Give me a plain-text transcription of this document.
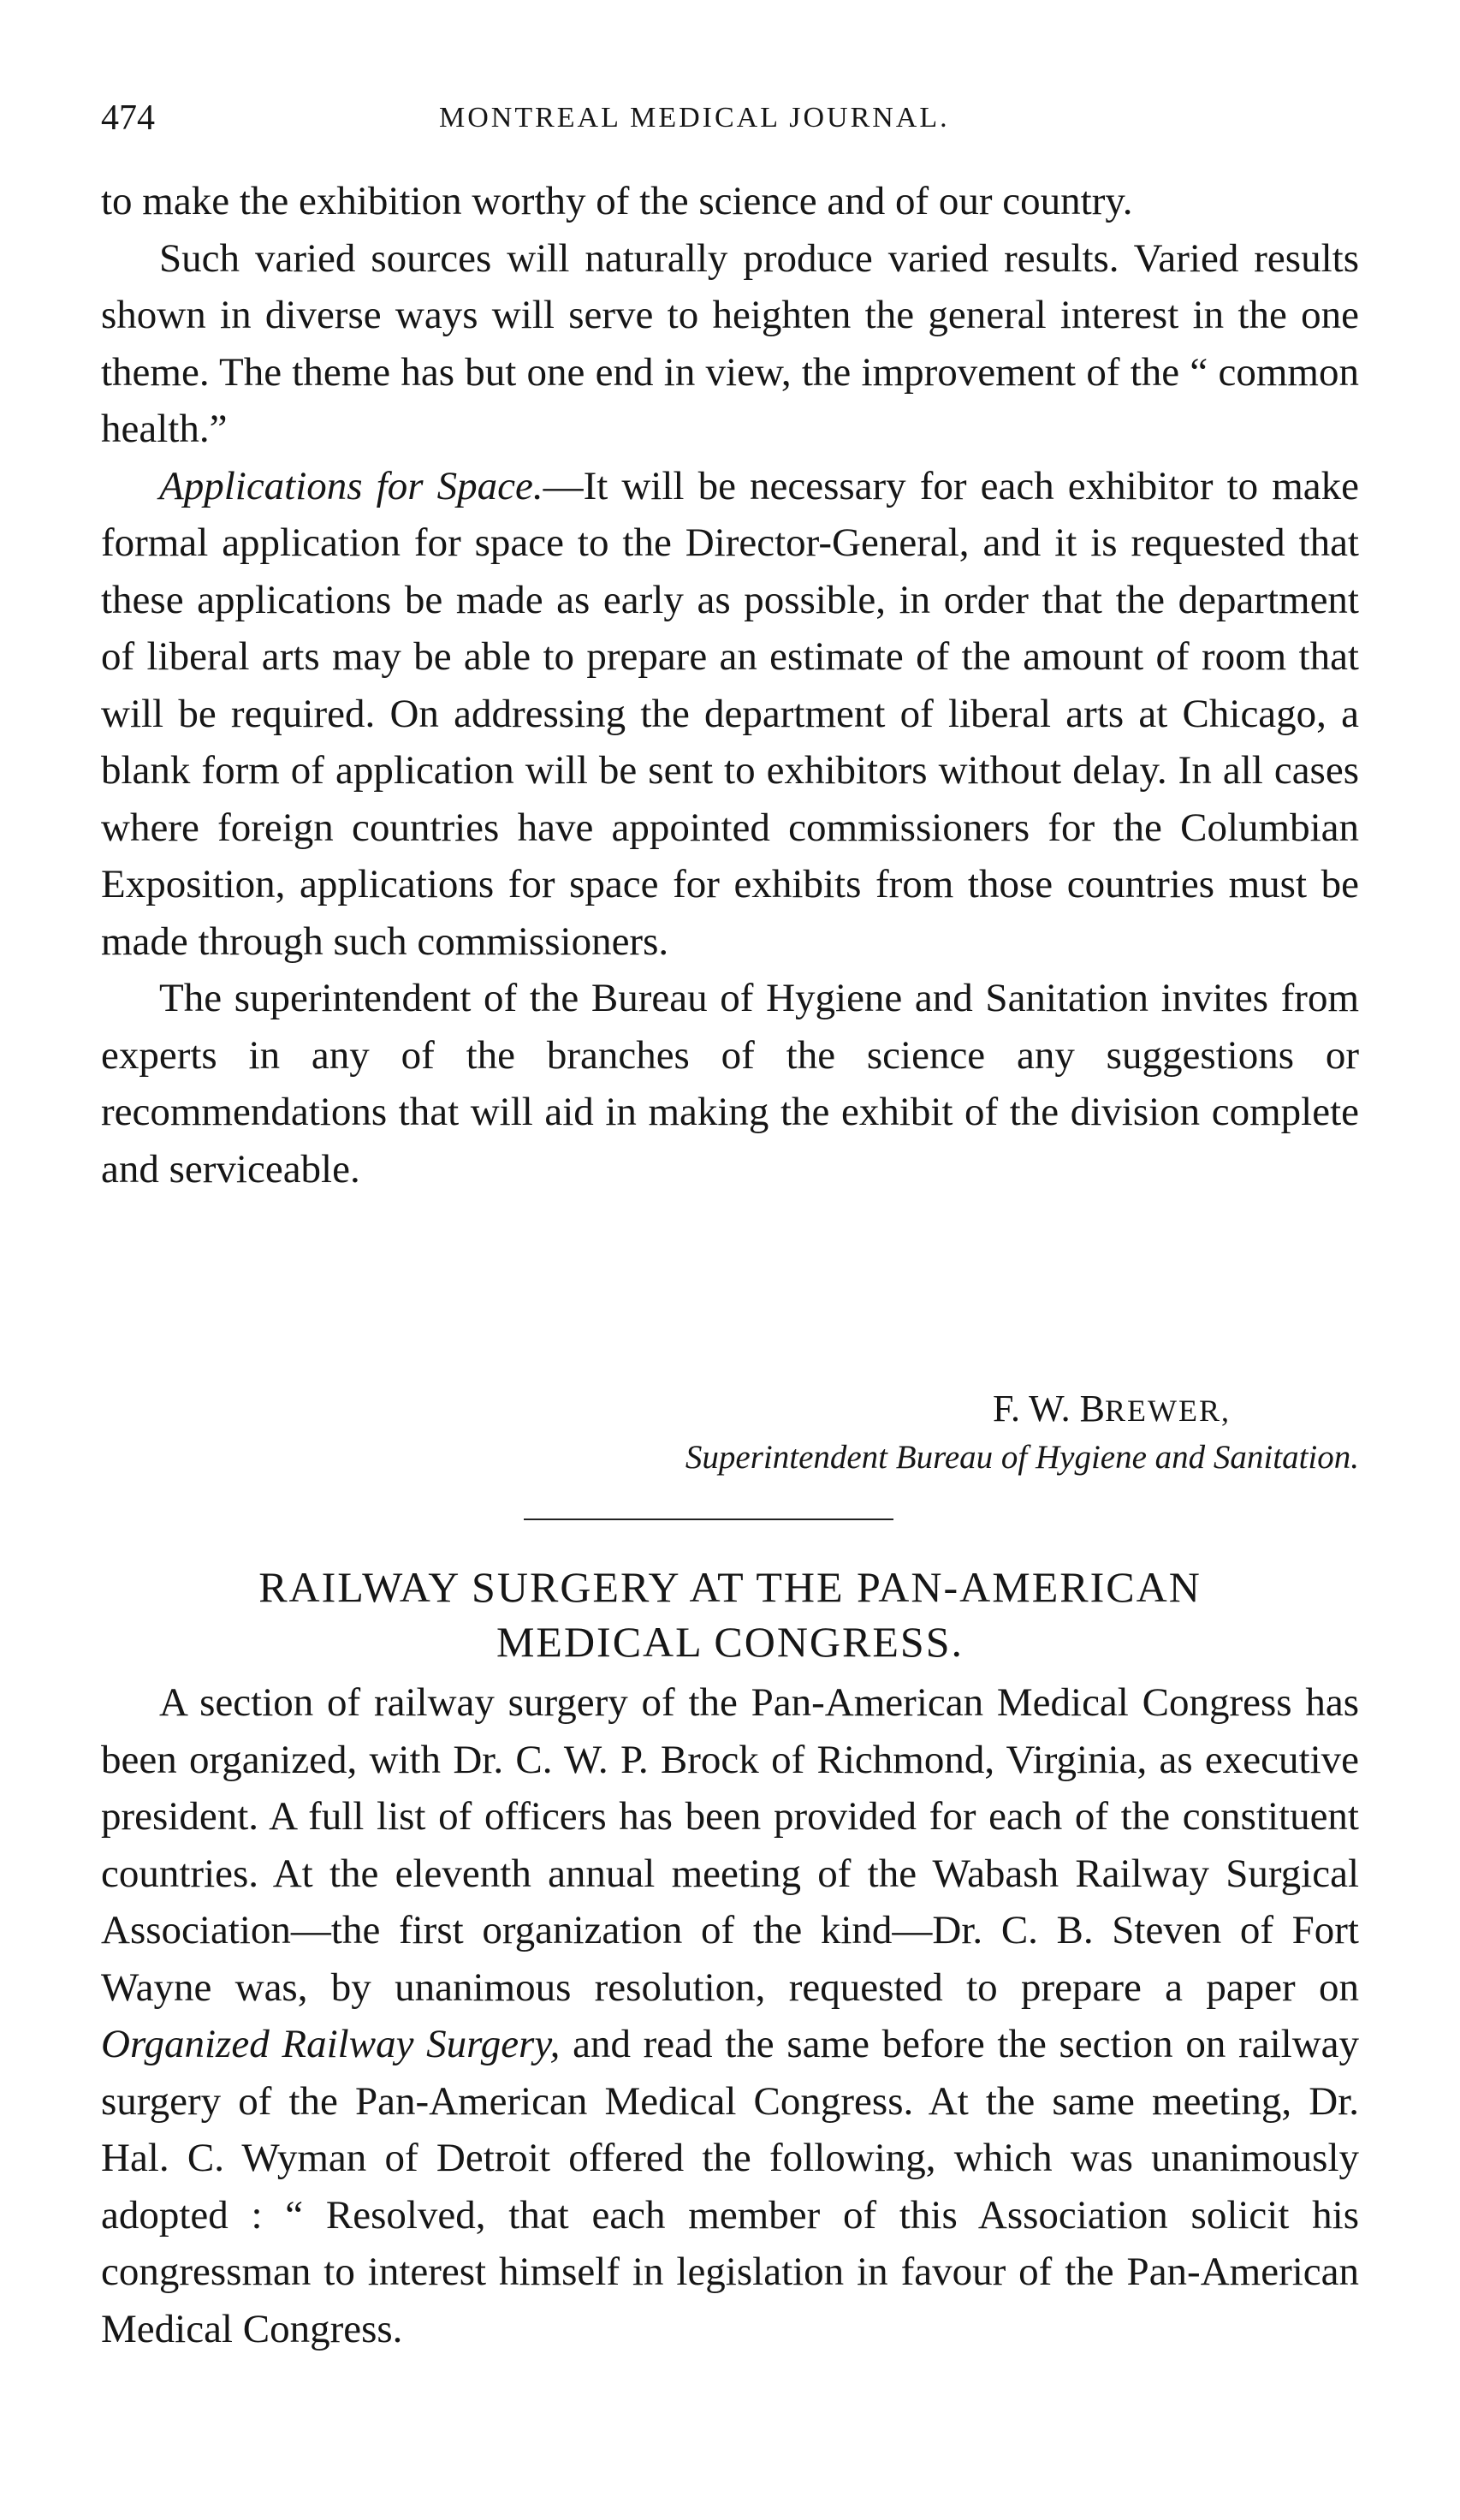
474	MONTREAL MEDICAL JOURNAL.

to make the exhibition worthy of the science and of our country.

Such varied sources will naturally produce varied results. Varied results shown in diverse ways will serve to heighten the general interest in the one theme. The theme has but one end in view, the improvement of the “ common health.”

Applications for Space.—It will be necessary for each exhibitor to make formal application for space to the Director-General, and it is requested that these applications be made as early as possible, in order that the department of liberal arts may be able to prepare an estimate of the amount of room that will be required. On addressing the department of liberal arts at Chicago, a blank form of application will be sent to exhibitors without delay. In all cases where foreign countries have appointed commissioners for the Columbian Exposition, applications for space for exhibits from those countries must be made through such commissioners.

The superintendent of the Bureau of Hygiene and Sanitation invites from experts in any of the branches of the science any suggestions or recommendations that will aid in making the exhibit of the division complete and serviceable.

F. W. BREWER,
Superintendent Bureau of Hygiene and Sanitation.
RAILWAY SURGERY AT THE PAN-AMERICAN
MEDICAL CONGRESS.

A section of railway surgery of the Pan-American Medical Congress has been organized, with Dr. C. W. P. Brock of Richmond, Virginia, as executive president. A full list of officers has been provided for each of the constituent countries. At the eleventh annual meeting of the Wabash Railway Surgical Association—the first organization of the kind—Dr. C. B. Steven of Fort Wayne was, by unanimous resolution, requested to prepare a paper on Organized Railway Surgery, and read the same before the section on railway surgery of the Pan-American Medical Congress. At the same meeting, Dr. Hal. C. Wyman of Detroit offered the following, which was unanimously adopted : “ Resolved, that each member of this Association solicit his congressman to interest himself in legislation in favour of the Pan-American Medical Congress.
